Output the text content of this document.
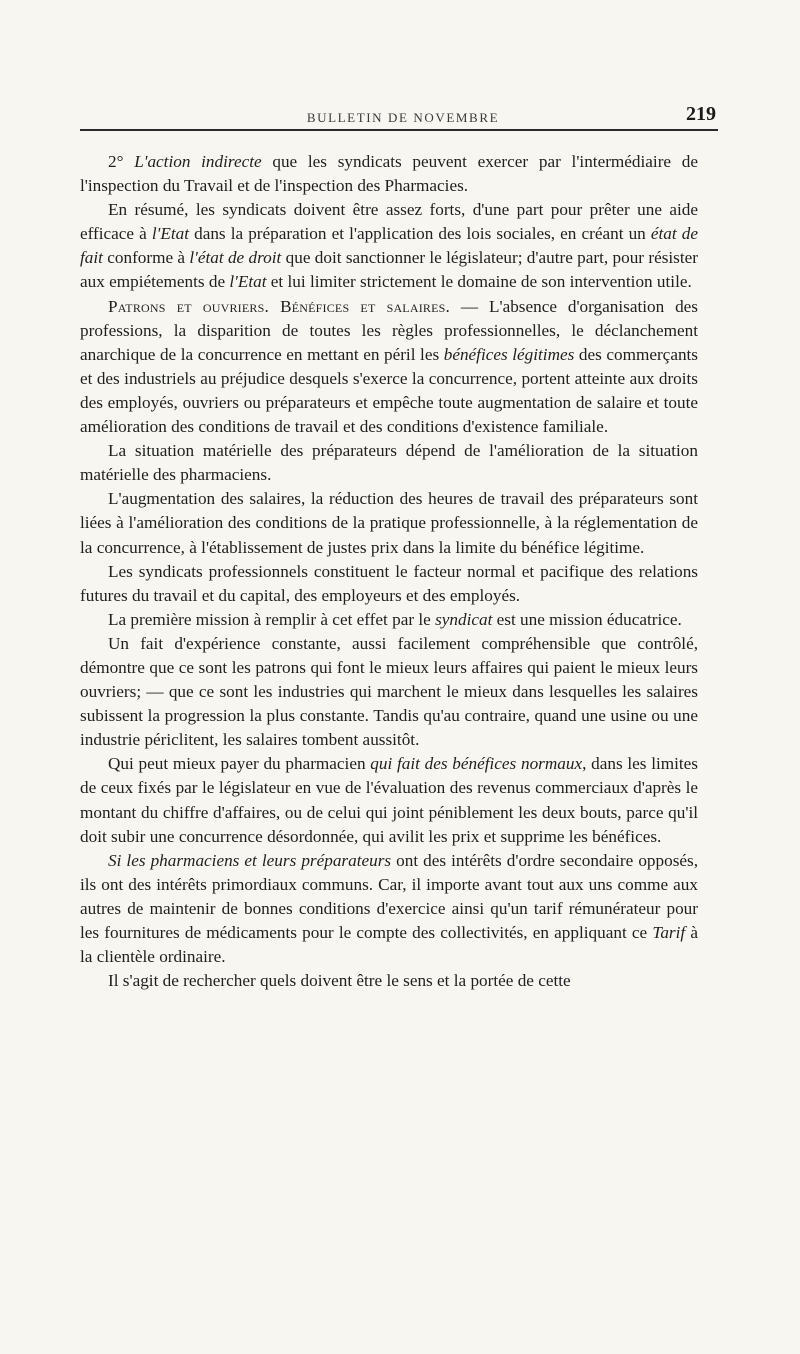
BULLETIN DE NOVEMBRE	219

2° L'action indirecte que les syndicats peuvent exercer par l'intermédiaire de l'inspection du Travail et de l'inspection des Pharmacies.

En résumé, les syndicats doivent être assez forts, d'une part pour prêter une aide efficace à l'Etat dans la préparation et l'application des lois sociales, en créant un état de fait conforme à l'état de droit que doit sanctionner le législateur; d'autre part, pour résister aux empiétements de l'Etat et lui limiter strictement le domaine de son intervention utile.

Patrons et ouvriers. Bénéfices et salaires. — L'absence d'organisation des professions, la disparition de toutes les règles professionnelles, le déclanchement anarchique de la concurrence en mettant en péril les bénéfices légitimes des commerçants et des industriels au préjudice desquels s'exerce la concurrence, portent atteinte aux droits des employés, ouvriers ou préparateurs et empêche toute augmentation de salaire et toute amélioration des conditions de travail et des conditions d'existence familiale.

La situation matérielle des préparateurs dépend de l'amélioration de la situation matérielle des pharmaciens.

L'augmentation des salaires, la réduction des heures de travail des préparateurs sont liées à l'amélioration des conditions de la pratique professionnelle, à la réglementation de la concurrence, à l'établissement de justes prix dans la limite du bénéfice légitime.

Les syndicats professionnels constituent le facteur normal et pacifique des relations futures du travail et du capital, des employeurs et des employés.

La première mission à remplir à cet effet par le syndicat est une mission éducatrice.

Un fait d'expérience constante, aussi facilement compréhensible que contrôlé, démontre que ce sont les patrons qui font le mieux leurs affaires qui paient le mieux leurs ouvriers; — que ce sont les industries qui marchent le mieux dans lesquelles les salaires subissent la progression la plus constante. Tandis qu'au contraire, quand une usine ou une industrie périclitent, les salaires tombent aussitôt.

Qui peut mieux payer du pharmacien qui fait des bénéfices normaux, dans les limites de ceux fixés par le législateur en vue de l'évaluation des revenus commerciaux d'après le montant du chiffre d'affaires, ou de celui qui joint péniblement les deux bouts, parce qu'il doit subir une concurrence désordonnée, qui avilit les prix et supprime les bénéfices.

Si les pharmaciens et leurs préparateurs ont des intérêts d'ordre secondaire opposés, ils ont des intérêts primordiaux communs. Car, il importe avant tout aux uns comme aux autres de maintenir de bonnes conditions d'exercice ainsi qu'un tarif rémunérateur pour les fournitures de médicaments pour le compte des collectivités, en appliquant ce Tarif à la clientèle ordinaire.

Il s'agit de rechercher quels doivent être le sens et la portée de cette
